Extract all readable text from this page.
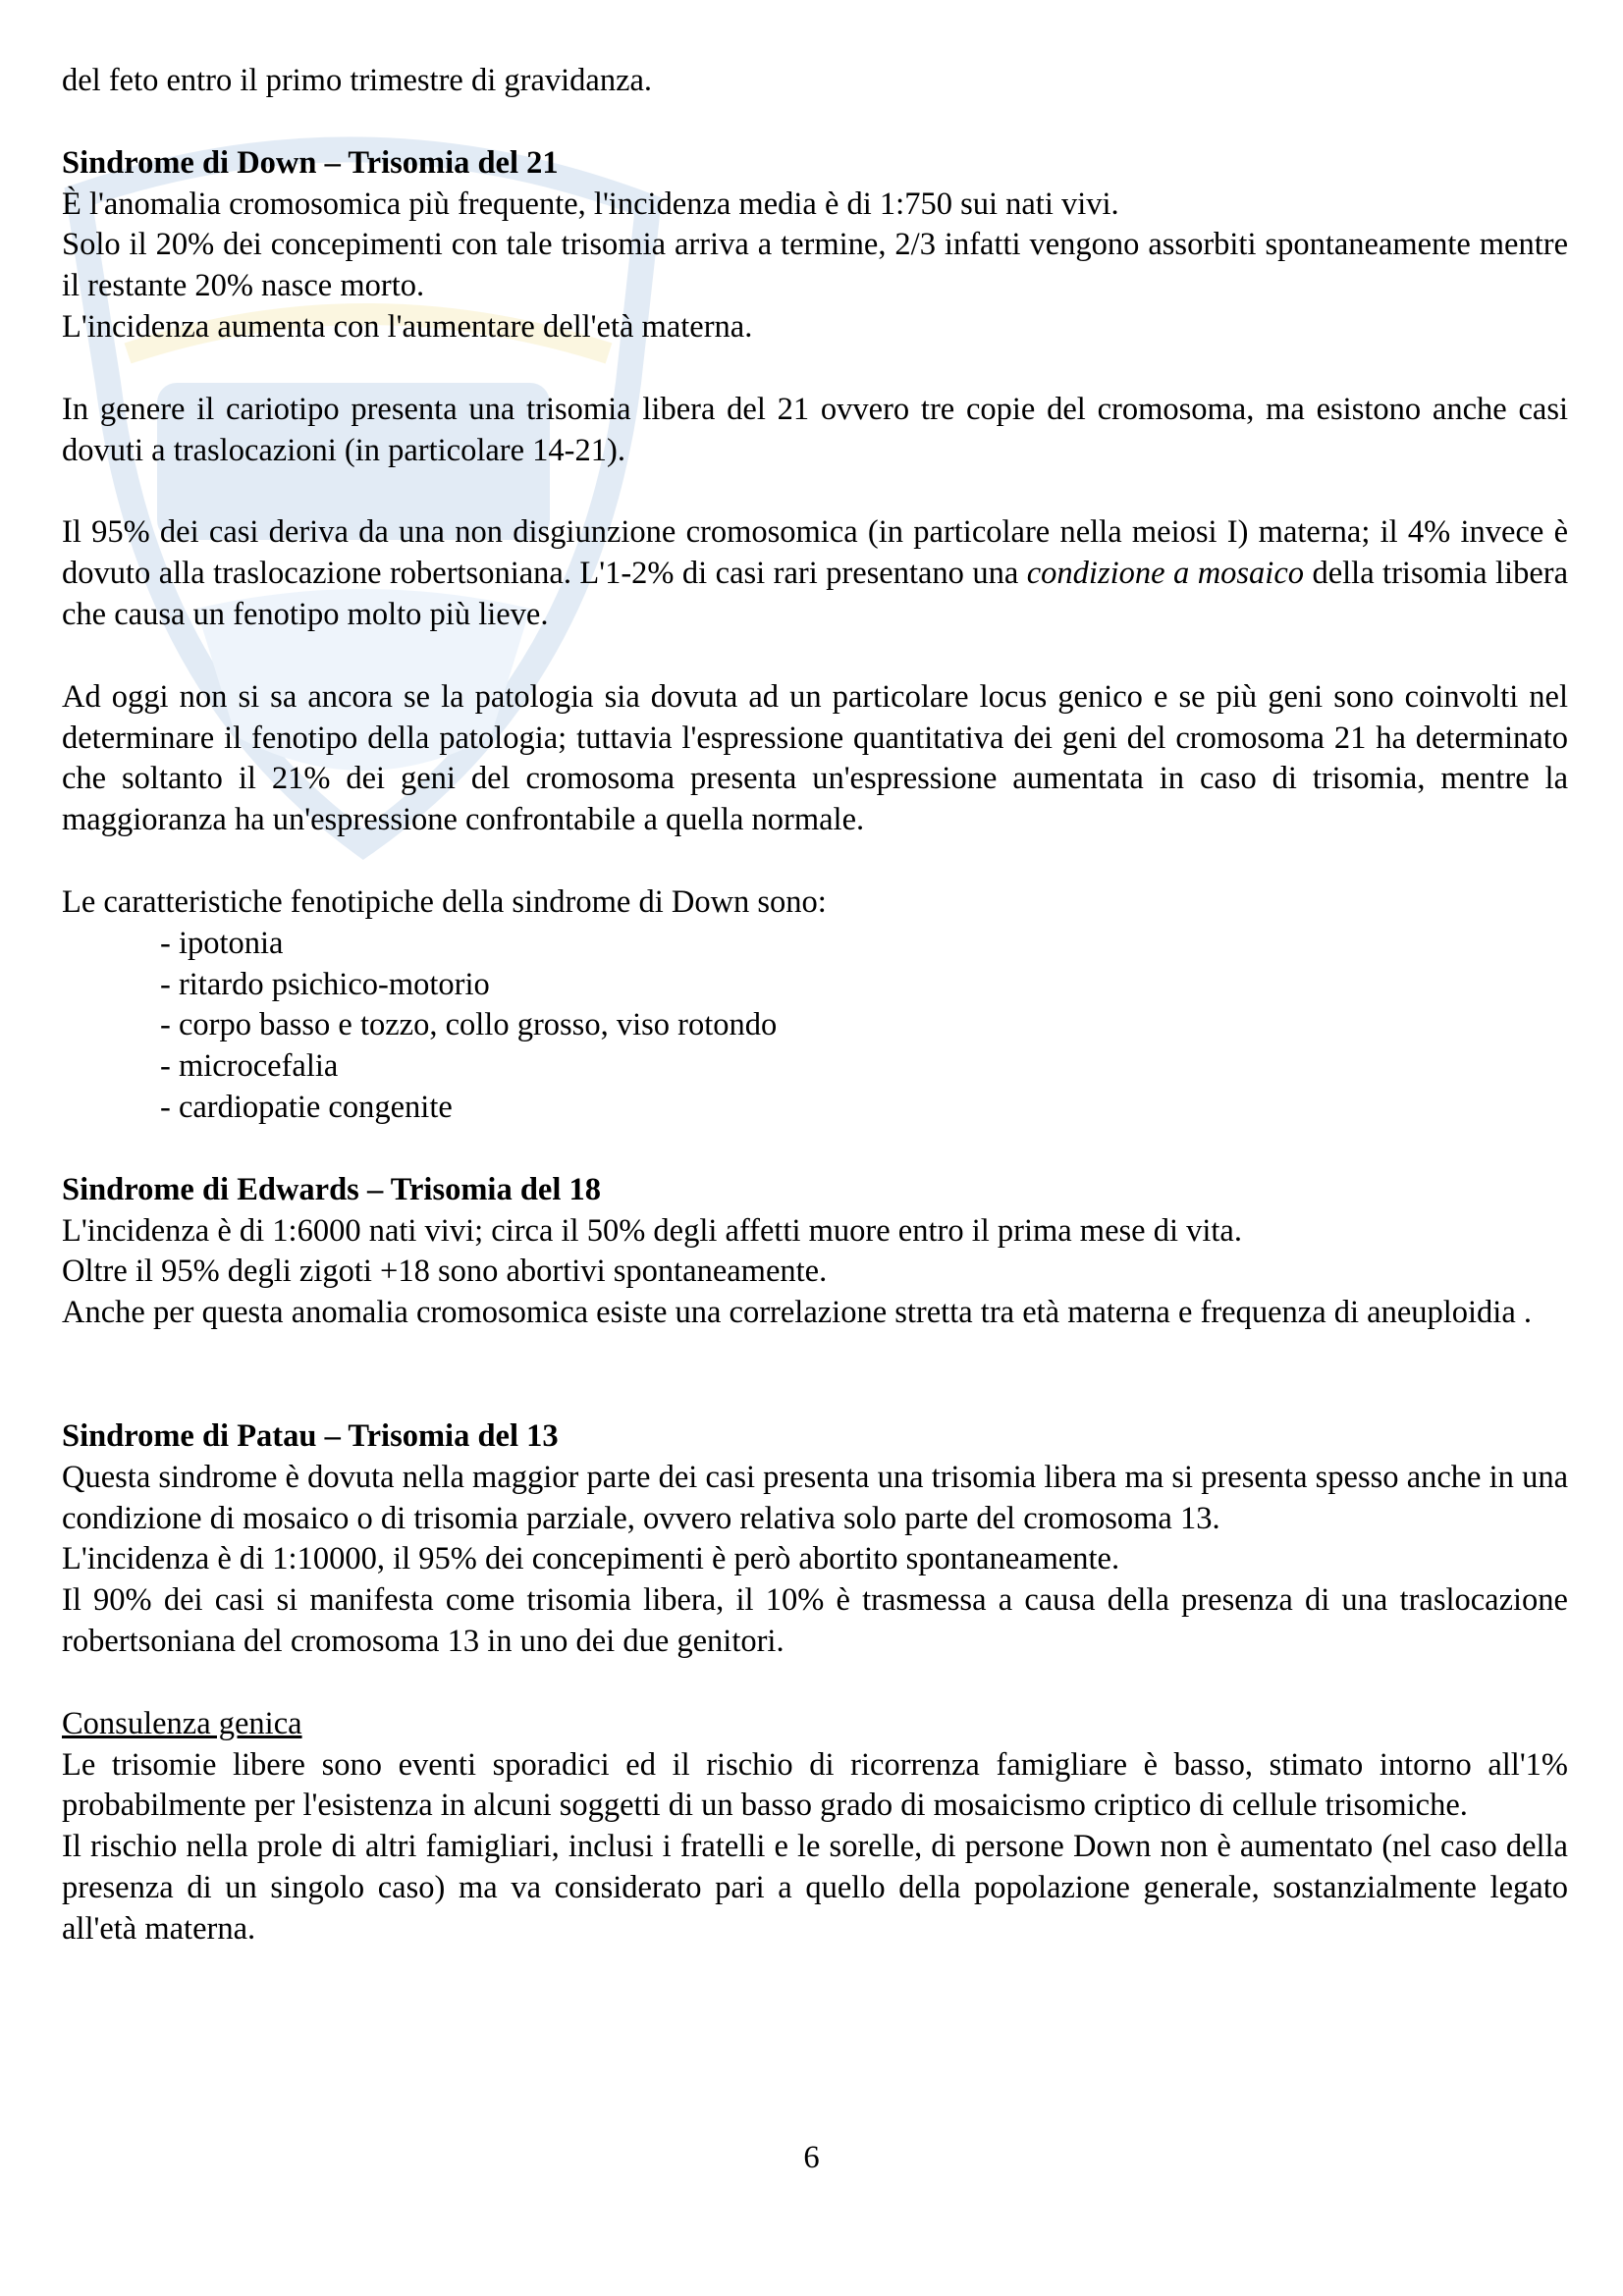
del feto entro il primo trimestre di gravidanza.

Sindrome di Down – Trisomia del 21

È l'anomalia cromosomica più frequente, l'incidenza media è di 1:750 sui nati vivi.

Solo il 20% dei concepimenti con tale trisomia arriva a termine, 2/3 infatti vengono assorbiti spontaneamente mentre il restante 20% nasce morto.

L'incidenza aumenta con l'aumentare dell'età materna.

In genere il cariotipo presenta una trisomia libera del 21 ovvero tre copie del cromosoma, ma esistono anche casi dovuti a traslocazioni (in particolare 14-21).

Il 95% dei casi deriva da una non disgiunzione cromosomica (in particolare nella meiosi I) materna; il 4% invece è dovuto alla traslocazione robertsoniana. L'1-2% di casi rari presentano una condizione a mosaico della trisomia libera che causa un fenotipo molto più lieve.

Ad oggi non si sa ancora se la patologia sia dovuta ad un particolare locus genico e se più geni sono coinvolti nel determinare il fenotipo della patologia; tuttavia l'espressione quantitativa dei geni del cromosoma 21 ha determinato che soltanto il 21% dei geni del cromosoma presenta un'espressione aumentata in caso di trisomia, mentre la maggioranza ha un'espressione confrontabile a quella normale.

Le caratteristiche fenotipiche della sindrome di Down sono:

- ipotonia
- ritardo psichico-motorio
- corpo basso e tozzo, collo grosso, viso rotondo
- microcefalia
- cardiopatie congenite
Sindrome di Edwards – Trisomia del 18

L'incidenza è di 1:6000 nati vivi; circa il 50% degli affetti muore entro il prima mese di vita.

Oltre il 95% degli zigoti +18 sono abortivi spontaneamente.

Anche per questa anomalia cromosomica esiste una correlazione stretta tra età materna e frequenza di aneuploidia .

Sindrome di Patau – Trisomia del 13

Questa sindrome è dovuta nella maggior parte dei casi presenta una trisomia libera ma si presenta spesso anche in una condizione di mosaico o di trisomia parziale, ovvero relativa solo parte del cromosoma 13.

L'incidenza è di 1:10000, il 95% dei concepimenti è però abortito spontaneamente.

Il 90% dei casi si manifesta come trisomia libera, il 10% è trasmessa a causa della presenza di una traslocazione robertsoniana del cromosoma 13 in uno dei due genitori.

Consulenza genica

Le trisomie libere sono eventi sporadici ed il rischio di ricorrenza famigliare è basso, stimato intorno all'1% probabilmente per l'esistenza in alcuni soggetti di un basso grado di mosaicismo criptico di cellule trisomiche.

Il rischio nella prole di altri famigliari, inclusi i fratelli e le sorelle, di persone Down non è aumentato (nel caso della presenza di un singolo caso) ma va considerato pari a quello della popolazione generale, sostanzialmente legato all'età materna.

6
